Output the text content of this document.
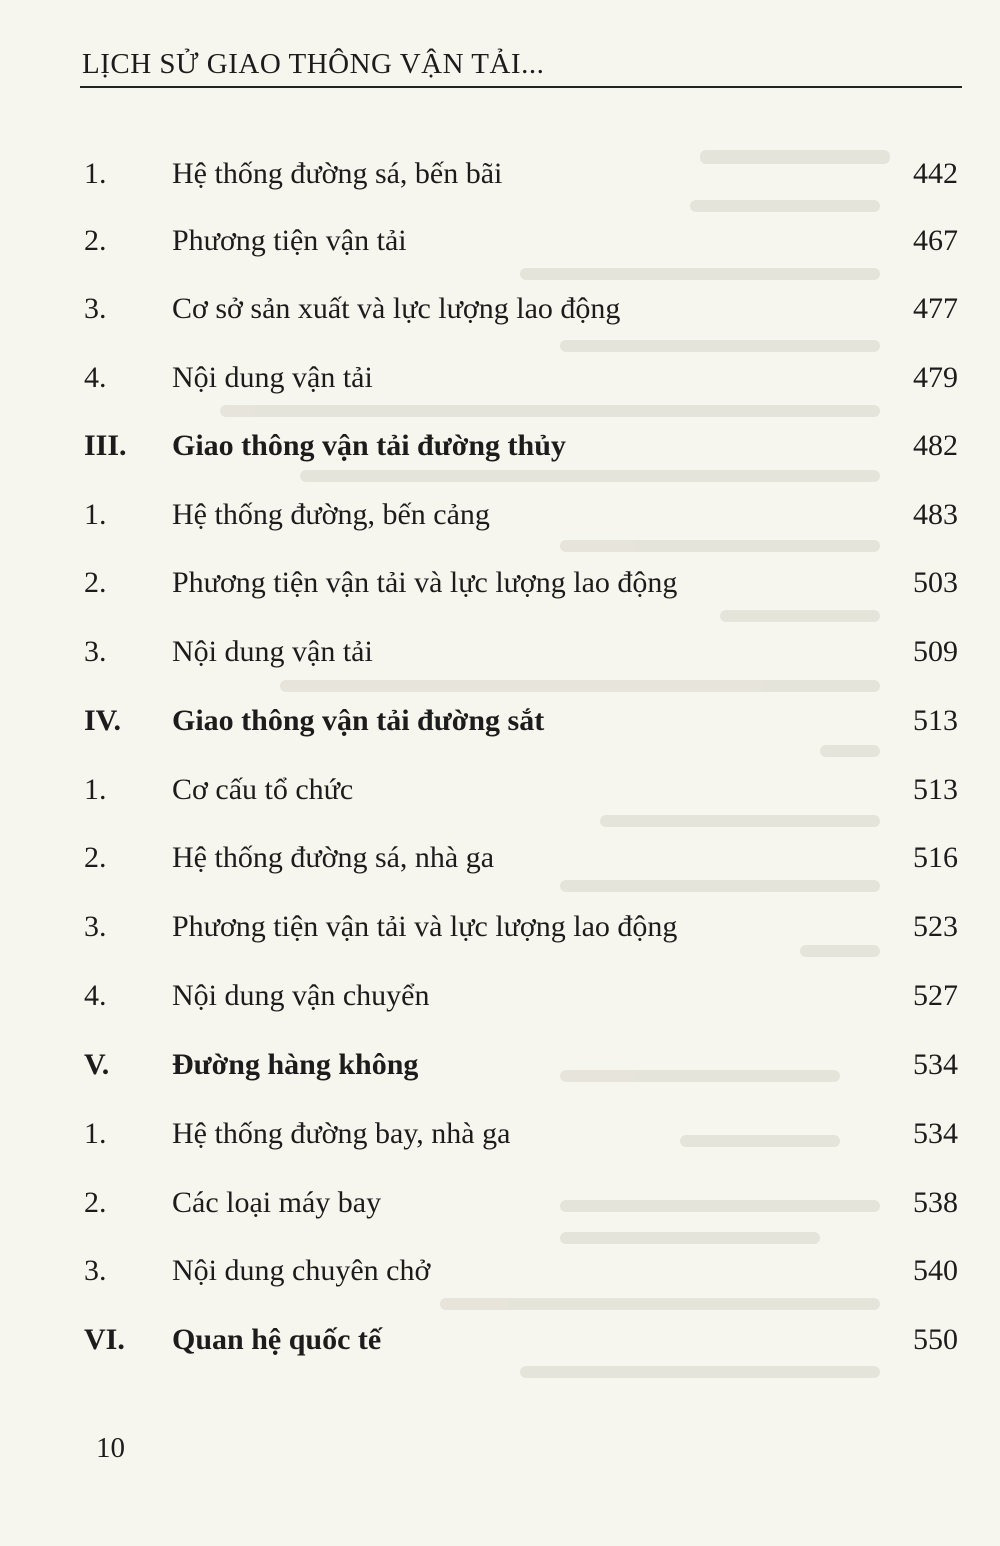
LỊCH SỬ GIAO THÔNG VẬN TẢI...
1. Hệ thống đường sá, bến bãi	442
2. Phương tiện vận tải	467
3. Cơ sở sản xuất và lực lượng lao động	477
4. Nội dung vận tải	479
III. Giao thông vận tải đường thủy	482
1. Hệ thống đường, bến cảng	483
2. Phương tiện vận tải và lực lượng lao động	503
3. Nội dung vận tải	509
IV. Giao thông vận tải đường sắt	513
1. Cơ cấu tổ chức	513
2. Hệ thống đường sá, nhà ga	516
3. Phương tiện vận tải và lực lượng lao động	523
4. Nội dung vận chuyển	527
V. Đường hàng không	534
1. Hệ thống đường bay, nhà ga	534
2. Các loại máy bay	538
3. Nội dung chuyên chở	540
VI. Quan hệ quốc tế	550
10
